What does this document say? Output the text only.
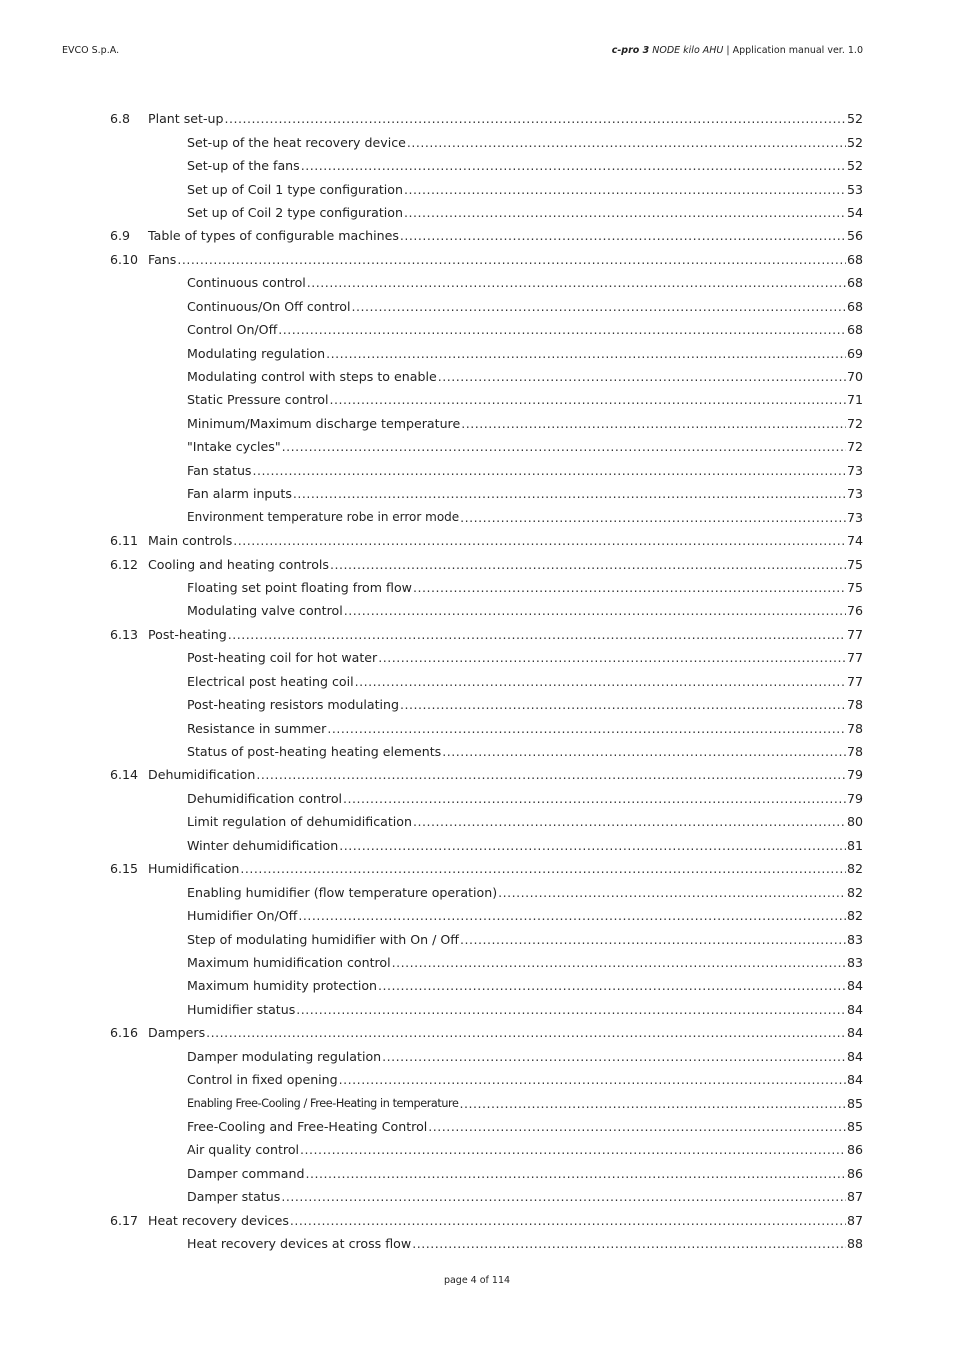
EVCO S.p.A.	c-pro 3 NODE kilo AHU | Application manual ver. 1.0
6.8	Plant set-up .....	52
Set-up of the heat recovery device .....	52
Set-up of the fans .....	52
Set up of Coil 1 type configuration .....	53
Set up of Coil 2 type configuration .....	54
6.9	Table of types of configurable machines .....	56
6.10 Fans .....	68
Continuous control .....	68
Continuous/On Off control .....	68
Control On/Off .....	68
Modulating regulation .....	69
Modulating control with steps to enable .....	70
Static Pressure control .....	71
Minimum/Maximum discharge temperature .....	72
"Intake cycles" .....	72
Fan status .....	73
Fan alarm inputs .....	73
Environment temperature robe in error mode .....	73
6.11 Main controls .....	74
6.12 Cooling and heating controls .....	75
Floating set point floating from flow .....	75
Modulating valve control .....	76
6.13 Post-heating .....	77
Post-heating coil for hot water .....	77
Electrical post heating coil .....	77
Post-heating resistors modulating .....	78
Resistance in summer .....	78
Status of post-heating heating elements .....	78
6.14 Dehumidification .....	79
Dehumidification control .....	79
Limit regulation of dehumidification .....	80
Winter dehumidification .....	81
6.15 Humidification .....	82
Enabling humidifier (flow temperature operation) .....	82
Humidifier On/Off .....	82
Step of modulating humidifier with On / Off .....	83
Maximum humidification control .....	83
Maximum humidity protection .....	84
Humidifier status .....	84
6.16 Dampers .....	84
Damper modulating regulation .....	84
Control in fixed opening .....	84
Enabling Free-Cooling / Free-Heating in temperature .....	85
Free-Cooling and Free-Heating Control .....	85
Air quality control .....	86
Damper command .....	86
Damper status .....	87
6.17 Heat recovery devices .....	87
Heat recovery devices at cross flow .....	88
page 4 of 114
